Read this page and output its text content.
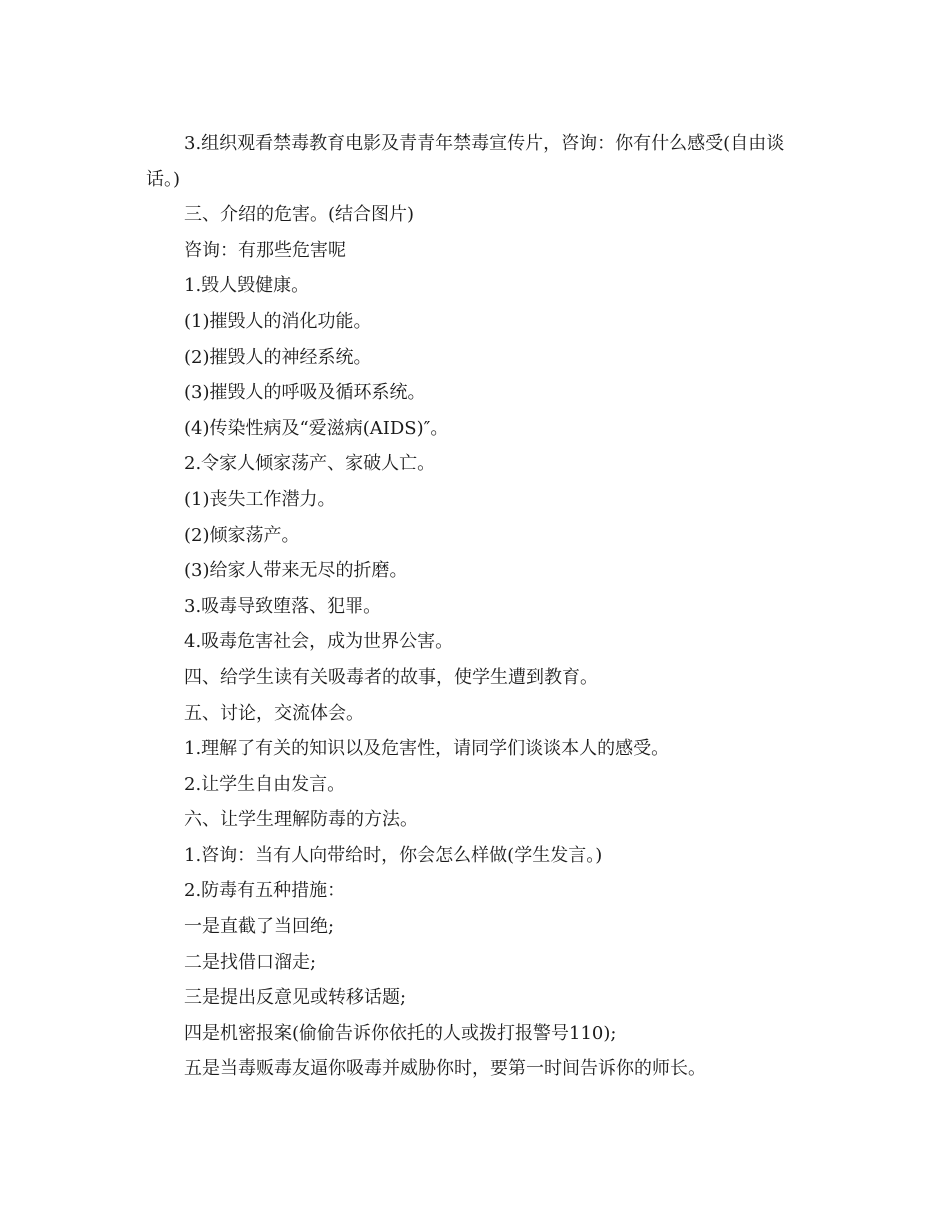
3.组织观看禁毒教育电影及青青年禁毒宣传片，咨询：你有什么感受(自由谈话。)

三、介绍的危害。(结合图片)

咨询：有那些危害呢

1.毁人毁健康。

(1)摧毁人的消化功能。

(2)摧毁人的神经系统。

(3)摧毁人的呼吸及循环系统。

(4)传染性病及“爱滋病(AIDS)″。

2.令家人倾家荡产、家破人亡。

(1)丧失工作潜力。

(2)倾家荡产。

(3)给家人带来无尽的折磨。

3.吸毒导致堕落、犯罪。

4.吸毒危害社会，成为世界公害。

四、给学生读有关吸毒者的故事，使学生遭到教育。

五、讨论，交流体会。

1.理解了有关的知识以及危害性，请同学们谈谈本人的感受。

2.让学生自由发言。

六、让学生理解防毒的方法。

1.咨询：当有人向带给时，你会怎么样做(学生发言。)

2.防毒有五种措施：

一是直截了当回绝;

二是找借口溜走;

三是提出反意见或转移话题;

四是机密报案(偷偷告诉你依托的人或拨打报警号110);

五是当毒贩毒友逼你吸毒并威胁你时，要第一时间告诉你的师长。
